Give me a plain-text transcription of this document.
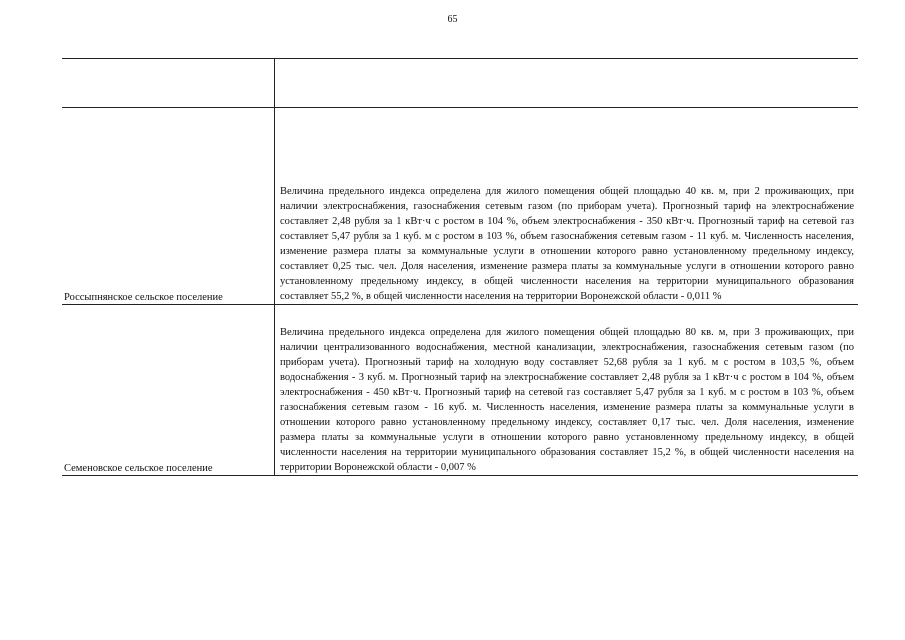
65
Россыпнянское сельское поселение

Величина предельного индекса определена для жилого помещения общей площадью 40 кв. м, при 2 проживающих, при наличии электроснабжения, газоснабжения сетевым газом (по приборам учета). Прогнозный тариф на электроснабжение составляет 2,48 рубля за 1 кВт·ч с ростом в 104 %, объем электроснабжения - 350 кВт·ч. Прогнозный тариф на сетевой газ составляет 5,47 рубля за 1 куб. м с ростом в 103 %, объем газоснабжения сетевым газом - 11 куб. м. Численность населения, изменение размера платы за коммунальные услуги в отношении которого равно установленному предельному индексу, составляет 0,25 тыс. чел. Доля населения, изменение размера платы за коммунальные услуги в отношении которого равно установленному предельному индексу, в общей численности населения на территории муниципального образования составляет 55,2 %, в общей численности населения на территории Воронежской области - 0,011 %

Семеновское сельское поселение

Величина предельного индекса определена для жилого помещения общей площадью 80 кв. м, при 3 проживающих, при наличии централизованного водоснабжения, местной канализации, электроснабжения, газоснабжения сетевым газом (по приборам учета). Прогнозный тариф на холодную воду составляет 52,68 рубля за 1 куб. м с ростом в 103,5 %, объем водоснабжения - 3 куб. м. Прогнозный тариф на электроснабжение составляет 2,48 рубля за 1 кВт·ч с ростом в 104 %, объем электроснабжения - 450 кВт·ч. Прогнозный тариф на сетевой газ составляет 5,47 рубля за 1 куб. м с ростом в 103 %, объем газоснабжения сетевым газом - 16 куб. м. Численность населения, изменение размера платы за коммунальные услуги в отношении которого равно установленному предельному индексу, составляет 0,17 тыс. чел. Доля населения, изменение размера платы за коммунальные услуги в отношении которого равно установленному предельному индексу, в общей численности населения на территории муниципального образования составляет 15,2 %, в общей численности населения на территории Воронежской области - 0,007 %
